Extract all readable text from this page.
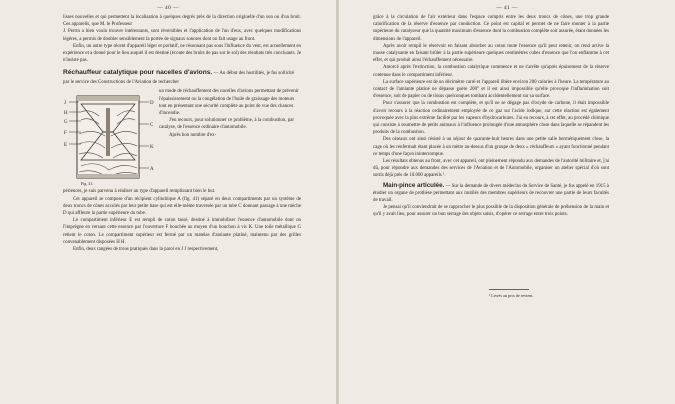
— 40 —

lisses nouvelles et qui permettent la localisation à quelques degrés près de la direction originelle d'un son ou d'un bruit. Ces appareils, que M. le Professeur

J. Perrin a bien voulu trouver intéressants, sont réversibles et l'application de l'un d'eux, avec quelques modifications légères, a permis de doubler sensiblement la portée de signaux sonores dont on fait usage au front.

Enfin, un autre type récent d'appareil léger et portatif, ne résonnant pas sous l'influence du vent, est actuellement en expérience et a donné pour le lieu auquel il est destiné (écoute des bruits de pas sur le sol) des résultats très concluants. Je n'insiste pas.

Réchauffeur catalytique pour nacelles d'avions. — Au début des hostilités, je fus sollicité par le service des Constructions de l'Aviation de rechercher
J
H
G
F
E
D
C
K
A
Fig. 41.

un mode de réchauffement des nacelles d'avions permettant de prévenir l'épaississement ou la congélation de l'huile de graissage des moteurs tout en présentant une sécurité complète au point de vue des chances d'incendie.

J'en recours, pour solutionner ce problème, à la combustion, par catalyse, de l'essence ordinaire d'automobile.

Après bon nombre d'ex-

périences, je suis parvenu à réaliser un type d'appareil remplissant bien le but.

Cet appareil se compose d'un récipient cylindrique A (fig. 41) séparé en deux compartiments par un système de deux troncs de cônes accolés par leur petite base qui est elle-même traversée par un tube C donnant passage à une mèche D qui affleure la partie supérieure du tube.

Le compartiment inférieur E est rempli de coton tassé, destiné à immobiliser l'essence d'automobile dont on l'imprègne en versant cette essence par l'ouverture F bouchée au moyen d'un bouchon à vis K. Une toile métallique G retient le coton. Le compartiment supérieur est fermé par un matelas d'amiante platiné, maintenu par des grilles convenablement disposées H H.

Enfin, deux rangées de trous pratiqués dans la paroi en J J respectivement,

— 41 —

grâce à la circulation de l'air extérieur dans l'espace compris entre les deux troncs de cônes, une trop grande calorification de la réserve d'essence par conduction. Ce point est capital et permet de ne faire monter à la partie supérieure du catalyseur que la quantité maximum d'essence dont la combustion complète soit assurée, étant données les dimensions de l'appareil.

Après avoir rempli le réservoir en faisant absorber au coton toute l'essence qu'il peut retenir, on rend active la masse catalysante en faisant brûler à la partie supérieure quelques centimètres cubes d'essence que l'on enflamme à cet effet, et qui produit ainsi l'échauffement nécessaire.

Amorcé après l'extinction, la combustion catalytique commence et ne s'arrête qu'après épuisement de la réserve contenue dans le compartiment inférieur.

La surface supérieure est de un décimètre carré et l'appareil libère environ 200 calories à l'heure. La température au contact de l'amiante platiné ne dépasse guère 200° et il est ainsi impossible qu'elle provoque l'inflammation soit d'essence, soit de papier ou de tissus quelconques tombant accidentellement sur sa surface.

Pour s'assurer que la combustion est complète, et qu'il ne se dégage pas d'oxyde de carbone, il était impossible d'avoir recours à la réaction ordinairement employée de ce gaz sur l'acide iodique, sur cette réaction est également provoquée avec la plus extrême facilité par les vapeurs d'hydrocarbures. J'ai eu recours, à cet effet, au procédé chimique qui consiste à soumettre de petits animaux à l'influence prolongée d'une atmosphère close dans laquelle se répandent les produits de la combustion.

Des oiseaux ont ainsi résisté à un séjour de quarante-huit heures dans une petite salle hermétiquement close, la cage où les renfermait étant placée à un mètre au-dessus d'un groupe de deux « réchauffeurs » ayant fonctionné pendant ce temps d'une façon ininterrompue.

Les résultats obtenus au front, avec cet appareil, ont pleinement répondu aux demandes de l'autorité militaire et, j'ai dû, pour répondre aux demandes des services de l'Aviation et de l'Automobile, organiser un atelier spécial d'où sont sortis déjà près de 10.000 appareils ¹.

Main-pince articulée. — Sur la demande de divers médecins du Service de Santé, je fus appelé en 1915 à étudier un organe de prothèse permettant aux mutilés des membres supérieurs de recouvrer une partie de leurs facultés de travail.

Je pensai qu'il conviendrait de se rapprocher le plus possible de la disposition générale de préhension de la main et qu'il y avait lieu, pour assurer un bon serrage des objets saisis, d'opérer ce serrage entre trois points.

¹ Livrés au prix de revient.
